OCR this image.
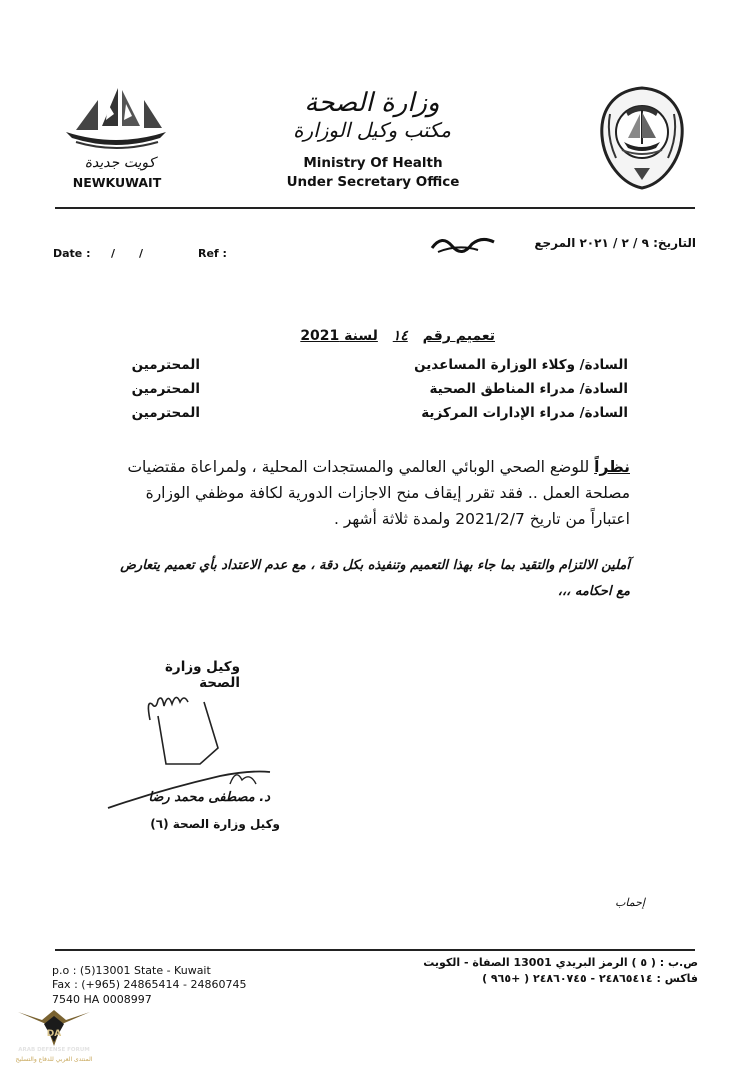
كويت جديدة
NEWKUWAIT
وزارة الصحة
مكتب وكيل الوزارة
Ministry Of Health
Under Secretary Office
Date : / /	Ref :
التاريخ: ٩ / ٢ / ٢٠٢١ المرجع
تعميم رقم ١٤ لسنة 2021
السادة/ وكلاء الوزارة المساعدين
المحترمين
السادة/ مدراء المناطق الصحية
المحترمين
السادة/ مدراء الإدارات المركزية
المحترمين
نظراً للوضع الصحي الوبائي العالمي والمستجدات المحلية ، ولمراعاة مقتضيات مصلحة العمل .. فقد تقرر إيقاف منح الاجازات الدورية لكافة موظفي الوزارة اعتباراً من تاريخ 2021/2/7 ولمدة ثلاثة أشهر .
آملين الالتزام والتقيد بما جاء بهذا التعميم وتنفيذه بكل دقة ، مع عدم الاعتداد بأي تعميم يتعارض مع احكامه ،،،
وكيل وزارة الصحة
د. مصطفى محمد رضا
وكيل وزارة الصحة (٦)
إحماب
p.o : (5)13001 State - Kuwait
Fax : (+965) 24865414 - 24860745
7540 HA 0008997
ص.ب : ( ٥ ) الرمز البريدي 13001 الصفاة - الكويت
فاكس : ٢٤٨٦٥٤١٤ - ٢٤٨٦٠٧٤٥ ( +٩٦٥ )
DA
ARAB DEFENSE FORUM
المنتدى العربي للدفاع والتسليح
